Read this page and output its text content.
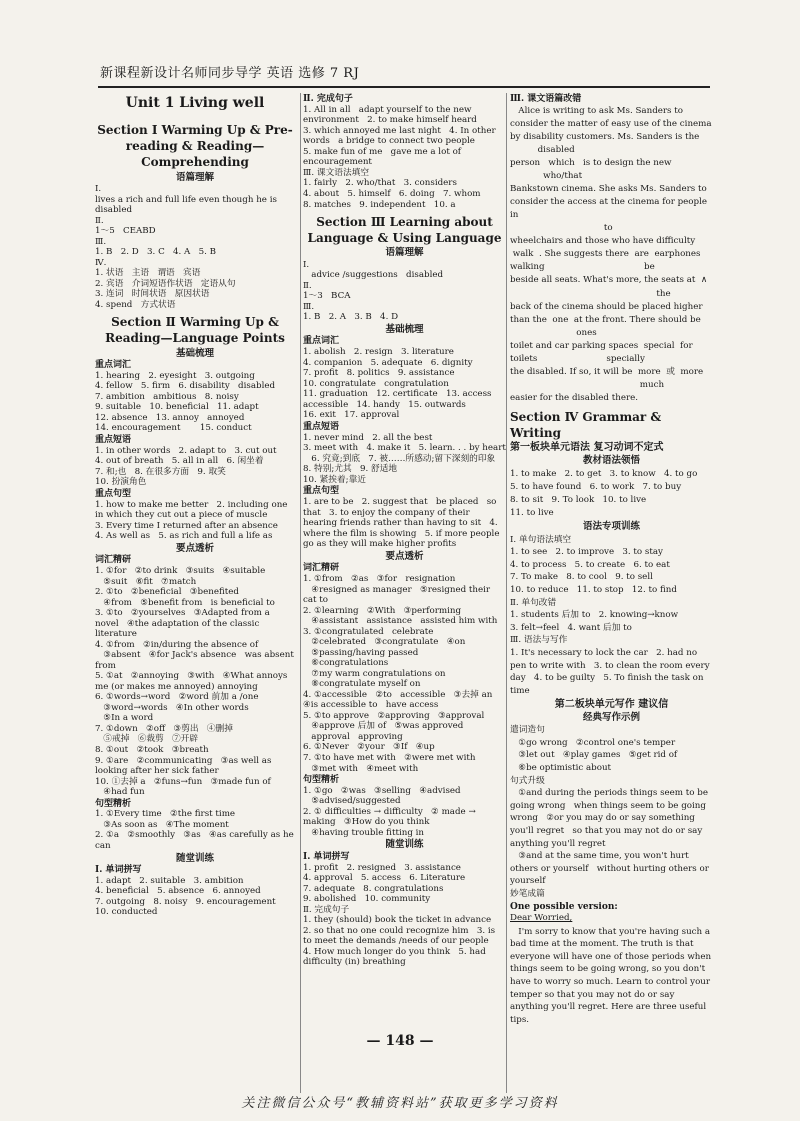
新课程新设计名师同步导学 英语 选修 7 RJ
Unit 1 Living well
Section Ⅰ Warming Up & Pre-reading & Reading—Comprehending
语篇理解
Ⅰ.
lives a rich and full life even though he is disabled
Ⅱ.
1～5   CEABD
Ⅲ.
1. B   2. D   3. C   4. A   5. B
Ⅳ.
1. 状语   主语   谓语   宾语
2. 宾语   介词短语作状语   定语从句
3. 连词   时间状语   原因状语
4. spend   方式状语
Section Ⅱ Warming Up & Reading—Language Points
基础梳理
重点词汇
1. hearing   2. eyesight   3. outgoing
4. fellow   5. firm   6. disability   disabled
7. ambition   ambitious   8. noisy
9. suitable   10. beneficial   11. adapt
12. absence   13. annoy   annoyed
14. encouragement       15. conduct
重点短语
1. in other words   2. adapt to   3. cut out
4. out of breath   5. all in all   6. 闲坐着
7. 和;也   8. 在很多方面   9. 取笑
10. 扮演角色
重点句型
1. how to make me better   2. including one in which they cut out a piece of muscle
3. Every time I returned after an absence
4. As well as   5. as rich and full a life as
要点透析
词汇精研
1. ①for   ②to drink   ③suits   ④suitable
⑤suit   ⑥fit   ⑦match
2. ①to   ②beneficial   ③benefited
④from   ⑤benefit from   is beneficial to
3. ①to   ②yourselves   ③Adapted from a novel   ④the adaptation of the classic literature
4. ①from   ②in/during the absence of
③absent   ④for Jack's absence   was absent from
5. ①at   ②annoying   ③with   ④What annoys me (or makes me annoyed) annoying
6. ①words→word   ②word 前加 a /one
③word→words   ④In other words
⑤In a word
7. ①down   ②off   ③剪出   ④删掉
⑤戒掉   ⑥裁剪   ⑦开辟
8. ①out   ②took   ③breath
9. ①are   ②communicating   ③as well as looking after her sick father
10. ①去掉 a   ②funs→fun   ③made fun of
④had fun
句型精析
1. ①Every time   ②the first time
③As soon as   ④The moment
2. ①a   ②smoothly   ③as   ④as carefully as he can
随堂训练
Ⅰ. 单词拼写
1. adapt   2. suitable   3. ambition
4. beneficial   5. absence   6. annoyed
7. outgoing   8. noisy   9. encouragement
10. conducted
Ⅱ. 完成句子
1. All in all   adapt yourself to the new environment   2. to make himself heard
3. which annoyed me last night   4. In other words   a bridge to connect two people
5. make fun of me   gave me a lot of encouragement
Ⅲ. 课文语法填空
1. fairly   2. who/that   3. considers
4. about   5. himself   6. doing   7. whom
8. matches   9. independent   10. a
Section Ⅲ Learning about Language & Using Language
语篇理解
Ⅰ.
advice /suggestions   disabled
Ⅱ.
1～3   BCA
Ⅲ.
1. B   2. A   3. B   4. D
基础梳理
重点词汇
1. abolish   2. resign   3. literature
4. companion   5. adequate   6. dignity
7. profit   8. politics   9. assistance
10. congratulate   congratulation
11. graduation   12. certificate   13. access accessible   14. handy   15. outwards
16. exit   17. approval
重点短语
1. never mind   2. all the best
3. meet with   4. make it   5. learn. . . by heart
6. 究竟;到底   7. 被……所感动;留下深刻的印象   8. 特别;尤其   9. 舒适地
10. 紧挨着;靠近
重点句型
1. are to be   2. suggest that   be placed   so that   3. to enjoy the company of their hearing friends rather than having to sit   4. where the film is showing   5. if more people go as they will make higher profits
要点透析
词汇精研
1. ①from   ②as   ③for   resignation
④resigned as manager   ⑤resigned their cat to
2. ①learning   ②With   ③performing
④assistant   assistance   assisted him with
3. ①congratulated   celebrate
②celebrated   ③congratulate   ④on
⑤passing/having passed
⑥congratulations
⑦my warm congratulations on
⑧congratulate myself on
4. ①accessible   ②to   accessible   ③去掉 an   ④is accessible to   have access
5. ①to approve   ②approving   ③approval
④approve 后加 of   ⑤was approved
approval   approving
6. ①Never   ②your   ③If   ④up
7. ①to have met with   ②were met with
③met with   ④meet with
句型精析
1. ①go   ②was   ③selling   ④advised
⑤advised/suggested
2. ① difficulties → difficulty   ② made → making   ③How do you think
④having trouble fitting in
随堂训练
Ⅰ. 单词拼写
1. profit   2. resigned   3. assistance
4. approval   5. access   6. Literature
7. adequate   8. congratulations
9. abolished   10. community
Ⅱ. 完成句子
1. they (should) book the ticket in advance
2. so that no one could recognize him   3. is to meet the demands /needs of our people
4. How much longer do you think   5. had difficulty (in) breathing
Ⅲ. 课文语篇改错
Alice is writing to ask Ms. Sanders to consider the matter of easy use of the cinema by disability customers. Ms. Sanders is the
disabled
person   which   is to design the new
who/that
Bankstown cinema. She asks Ms. Sanders to consider the access at the cinema for people in
to
wheelchairs and those who have difficulty
walk  . She suggests there  are  earphones
walking                                    be
beside all seats. What's more, the seats at  ∧
the
back of the cinema should be placed higher than the  one  at the front. There should be
ones
toilet and car parking spaces  special  for
toilets                         specially
the disabled. If so, it will be  more  或  more
much
easier for the disabled there.
Section Ⅳ Grammar & Writing
第一板块单元语法 复习动词不定式
教材语法领悟
1. to make   2. to get   3. to know   4. to go
5. to have found   6. to work   7. to buy
8. to sit   9. To look   10. to live
11. to live
语法专项训练
Ⅰ. 单句语法填空
1. to see   2. to improve   3. to stay
4. to process   5. to create   6. to eat
7. To make   8. to cool   9. to sell
10. to reduce   11. to stop   12. to find
Ⅱ. 单句改错
1. students 后加 to   2. knowing→know
3. felt→feel   4. want 后加 to
Ⅲ. 语法与写作
1. It's necessary to lock the car   2. had no pen to write with   3. to clean the room every day   4. to be guilty   5. To finish the task on time
第二板块单元写作 建议信
经典写作示例
遣词造句
①go wrong   ②control one's temper
③let out   ④play games   ⑤get rid of
⑥be optimistic about
句式升级
①and during the periods things seem to be going wrong   when things seem to be going wrong   ②or you may do or say something you'll regret   so that you may not do or say anything you'll regret
③and at the same time, you won't hurt others or yourself   without hurting others or yourself
妙笔成篇
One possible version:
Dear Worried,
I'm sorry to know that you're having such a bad time at the moment. The truth is that everyone will have one of those periods when things seem to be going wrong, so you don't have to worry so much. Learn to control your temper so that you may not do or say anything you'll regret. Here are three useful tips.
— 148 —
关注微信公众号“教辅资料站”获取更多学习资料
